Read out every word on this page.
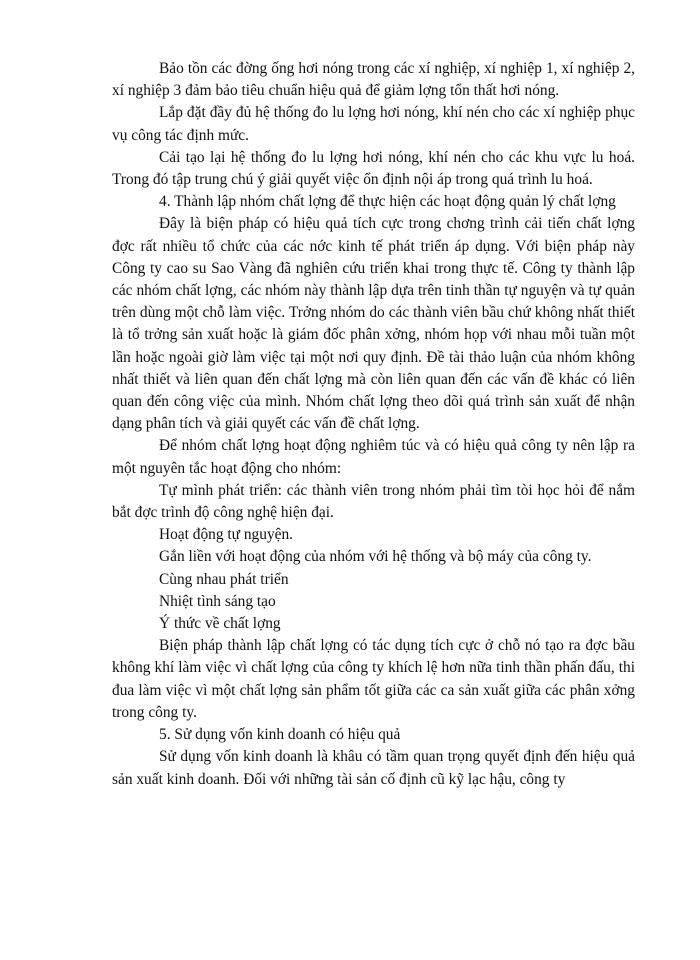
Bảo tồn các đờng ống hơi nóng trong các xí nghiệp, xí nghiệp 1, xí nghiệp 2, xí nghiệp 3 đảm bảo tiêu chuẩn hiệu quả để giảm lợng tổn thất hơi nóng.

Lắp đặt đầy đủ hệ thống đo lu lợng hơi nóng, khí nén cho các xí nghiệp phục vụ công tác định mức.

Cải tạo lại hệ thống đo lu lợng hơi nóng, khí nén cho các khu vực lu hoá. Trong đó tập trung chú ý giải quyết việc ổn định nội áp trong quá trình lu hoá.

4. Thành lập nhóm chất lợng để thực hiện các hoạt động quản lý chất lợng

Đây là biện pháp có hiệu quả tích cực trong chơng trình cải tiến chất lợng đợc rất nhiều tổ chức của các nớc kinh tế phát triển áp dụng. Với biện pháp này Công ty cao su Sao Vàng đã nghiên cứu triển khai trong thực tế. Công ty thành lập các nhóm chất lợng, các nhóm này thành lập dựa trên tinh thần tự nguyện và tự quản trên dùng một chỗ làm việc. Trởng nhóm do các thành viên bầu chứ không nhất thiết là tổ trởng sản xuất hoặc là giám đốc phân xởng, nhóm họp với nhau mỗi tuần một lần hoặc ngoài giờ làm việc tại một nơi quy định. Đề tài thảo luận của nhóm không nhất thiết và liên quan đến chất lợng mà còn liên quan đến các vấn đề khác có liên quan đến công việc của mình. Nhóm chất lợng theo dõi quá trình sản xuất để nhận dạng phân tích và giải quyết các vấn đề chất lợng.

Để nhóm chất lợng hoạt động nghiêm túc và có hiệu quả công ty nên lập ra một nguyên tắc hoạt động cho nhóm:

Tự mình phát triển: các thành viên trong nhóm phải tìm tòi học hỏi để nắm bắt đợc trình độ công nghệ hiện đại.

Hoạt động tự nguyện.

Gắn liền với hoạt động của nhóm với hệ thống và bộ máy của công ty.

Cùng nhau phát triển

Nhiệt tình sáng tạo

Ý thức về chất lợng

Biện pháp thành lập chất lợng có tác dụng tích cực ở chỗ nó tạo ra đợc bầu không khí làm việc vì chất lợng của công ty khích lệ hơn nữa tinh thần phấn đấu, thi đua làm việc vì một chất lợng sản phẩm tốt giữa các ca sản xuất giữa các phân xởng trong công ty.

5. Sử dụng vốn kinh doanh có hiệu quả

Sử dụng vốn kinh doanh là khâu có tầm quan trọng quyết định đến hiệu quả sản xuất kinh doanh. Đối với những tài sản cố định cũ kỹ lạc hậu, công ty
